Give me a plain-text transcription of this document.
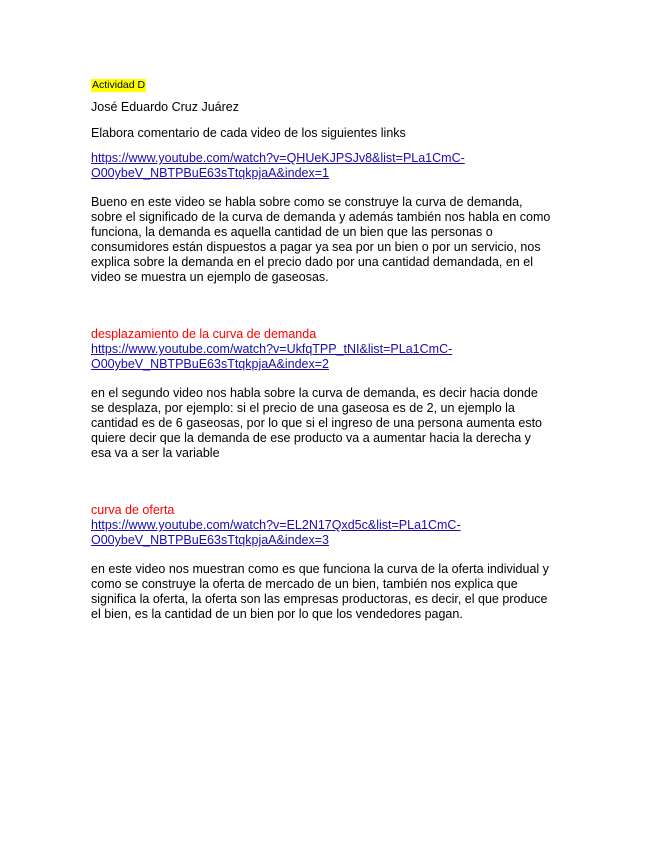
Actividad D

José Eduardo Cruz Juárez

Elabora comentario de cada video de los siguientes links

https://www.youtube.com/watch?v=QHUeKJPSJv8&list=PLa1CmC-
O00ybeV_NBTPBuE63sTtqkpjaA&index=1

Bueno en este video se habla sobre como se construye la curva de demanda,
sobre el significado de la curva de demanda y además también nos habla en como
funciona, la demanda es aquella cantidad de un bien que las personas o
consumidores están dispuestos a pagar ya sea por un bien o por un servicio, nos
explica sobre la demanda en el precio dado por una cantidad demandada, en el
video se muestra un ejemplo de gaseosas.

desplazamiento de la curva de demanda

https://www.youtube.com/watch?v=UkfqTPP_tNI&list=PLa1CmC-
O00ybeV_NBTPBuE63sTtqkpjaA&index=2

en el segundo video nos habla sobre la curva de demanda, es decir hacia donde
se desplaza, por ejemplo: si el precio de una gaseosa es de 2, un ejemplo la
cantidad es de 6 gaseosas, por lo que si el ingreso de una persona aumenta esto
quiere decir que la demanda de ese producto va a aumentar hacia la derecha y
esa va a ser la variable

curva de oferta

https://www.youtube.com/watch?v=EL2N17Qxd5c&list=PLa1CmC-
O00ybeV_NBTPBuE63sTtqkpjaA&index=3

en este video nos muestran como es que funciona la curva de la oferta individual y
como se construye la oferta de mercado de un bien, también nos explica que
significa la oferta, la oferta son las empresas productoras, es decir, el que produce
el bien, es la cantidad de un bien por lo que los vendedores pagan.
